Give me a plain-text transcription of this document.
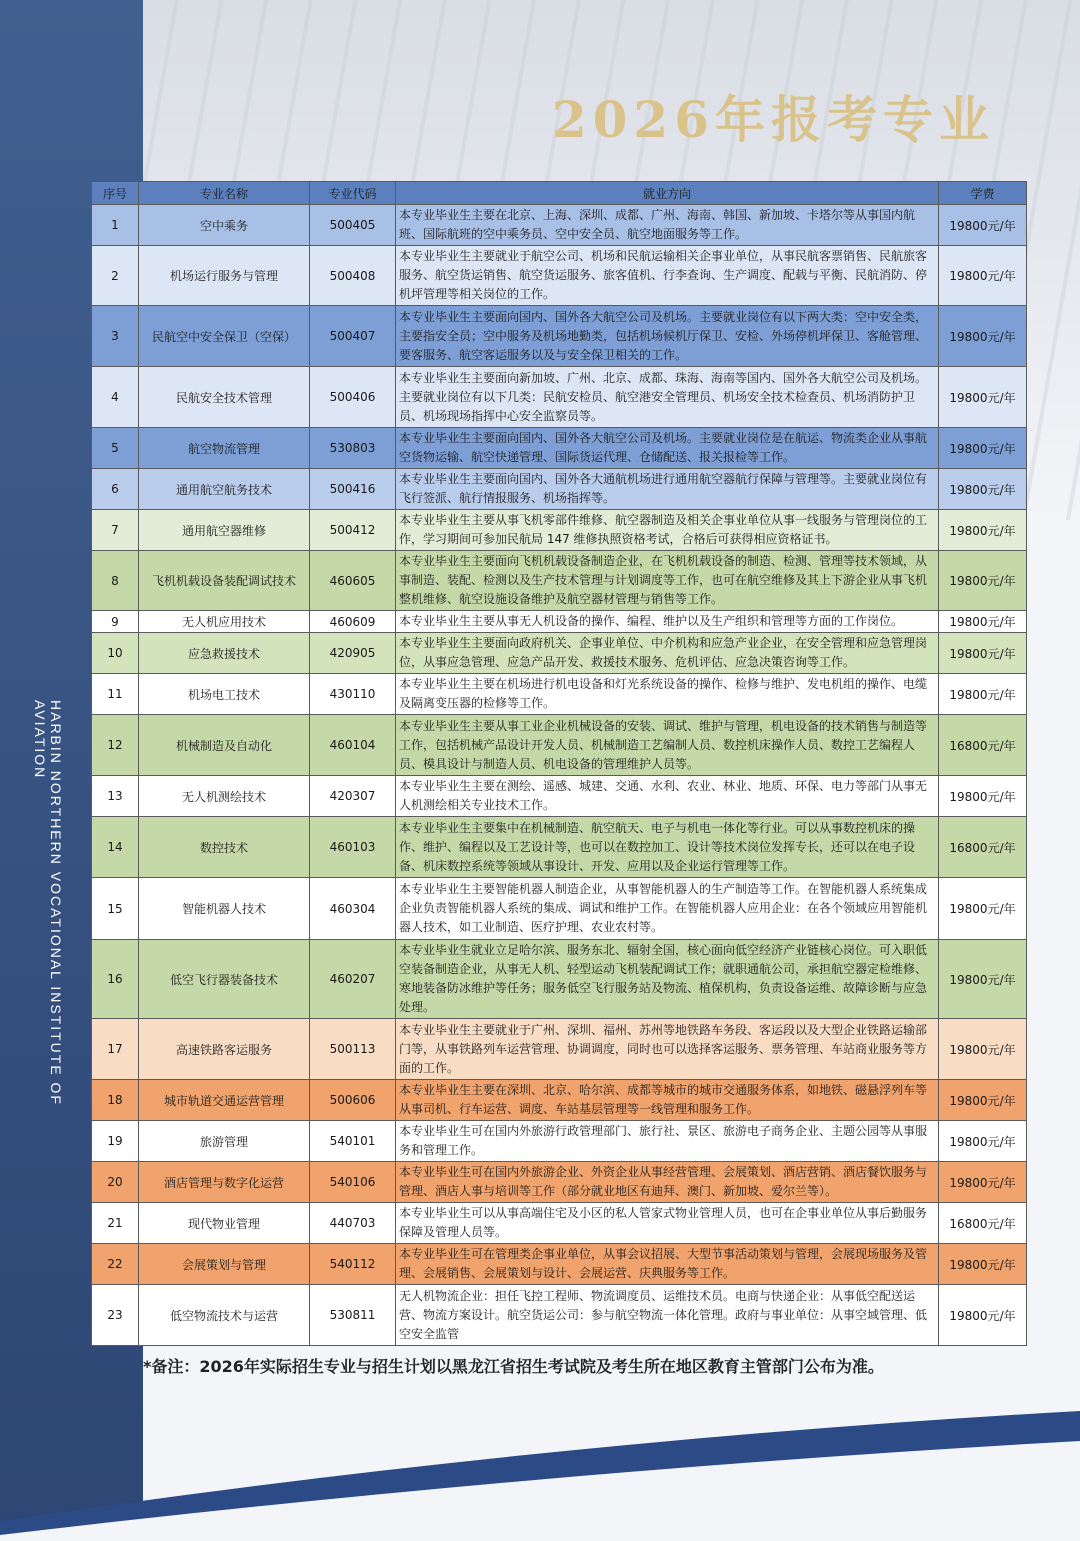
HARBIN NORTHERN VOCATIONAL INSTITUTE OF AVIATION
2026年报考专业
序号	专业名称	专业代码	就业方向	学费
1	空中乘务	500405	本专业毕业生主要在北京、上海、深圳、成都、广州、海南、韩国、新加坡、卡塔尔等从事国内航班、国际航班的空中乘务员、空中安全员、航空地面服务等工作。	19800元/年
2	机场运行服务与管理	500408	本专业毕业生主要就业于航空公司、机场和民航运输相关企事业单位，从事民航客票销售、民航旅客服务、航空货运销售、航空货运服务、旅客值机、行李查询、生产调度、配载与平衡、民航消防、停机坪管理等相关岗位的工作。	19800元/年
3	民航空中安全保卫（空保）	500407	本专业毕业生主要面向国内、国外各大航空公司及机场。主要就业岗位有以下两大类：空中安全类，主要指安全员；空中服务及机场地勤类，包括机场候机厅保卫、安检、外场停机坪保卫、客舱管理、要客服务、航空客运服务以及与安全保卫相关的工作。	19800元/年
4	民航安全技术管理	500406	本专业毕业生主要面向新加坡、广州、北京、成都、珠海、海南等国内、国外各大航空公司及机场。主要就业岗位有以下几类：民航安检员、航空港安全管理员、机场安全技术检查员、机场消防护卫员、机场现场指挥中心安全监察员等。	19800元/年
5	航空物流管理	530803	本专业毕业生主要面向国内、国外各大航空公司及机场。主要就业岗位是在航运、物流类企业从事航空货物运输、航空快递管理、国际货运代理、仓储配送、报关报检等工作。	19800元/年
6	通用航空航务技术	500416	本专业毕业生主要面向国内、国外各大通航机场进行通用航空器航行保障与管理等。主要就业岗位有飞行签派、航行情报服务、机场指挥等。	19800元/年
7	通用航空器维修	500412	本专业毕业生主要从事飞机零部件维修、航空器制造及相关企事业单位从事一线服务与管理岗位的工作，学习期间可参加民航局 147 维修执照资格考试，合格后可获得相应资格证书。	19800元/年
8	飞机机载设备装配调试技术	460605	本专业毕业生主要面向飞机机载设备制造企业，在飞机机载设备的制造、检测、管理等技术领域，从事制造、装配、检测以及生产技术管理与计划调度等工作，也可在航空维修及其上下游企业从事飞机整机维修、航空设施设备维护及航空器材管理与销售等工作。	19800元/年
9	无人机应用技术	460609	本专业毕业生主要从事无人机设备的操作、编程、维护以及生产组织和管理等方面的工作岗位。	19800元/年
10	应急救援技术	420905	本专业毕业生主要面向政府机关、企事业单位、中介机构和应急产业企业，在安全管理和应急管理岗位，从事应急管理、应急产品开发、救援技术服务、危机评估、应急决策咨询等工作。	19800元/年
11	机场电工技术	430110	本专业毕业生主要在机场进行机电设备和灯光系统设备的操作、检修与维护、发电机组的操作、电缆及隔离变压器的检修等工作。	19800元/年
12	机械制造及自动化	460104	本专业毕业生主要从事工业企业机械设备的安装、调试、维护与管理，机电设备的技术销售与制造等工作，包括机械产品设计开发人员、机械制造工艺编制人员、数控机床操作人员、数控工艺编程人员、模具设计与制造人员、机电设备的管理维护人员等。	16800元/年
13	无人机测绘技术	420307	本专业毕业生主要在测绘、遥感、城建、交通、水利、农业、林业、地质、环保、电力等部门从事无人机测绘相关专业技术工作。	19800元/年
14	数控技术	460103	本专业毕业生主要集中在机械制造、航空航天、电子与机电一体化等行业。可以从事数控机床的操作、维护、编程以及工艺设计等，也可以在数控加工、设计等技术岗位发挥专长，还可以在电子设备、机床数控系统等领域从事设计、开发、应用以及企业运行管理等工作。	16800元/年
15	智能机器人技术	460304	本专业毕业生主要智能机器人制造企业，从事智能机器人的生产制造等工作。在智能机器人系统集成企业负责智能机器人系统的集成、调试和维护工作。在智能机器人应用企业：在各个领域应用智能机器人技术，如工业制造、医疗护理、农业农村等。	19800元/年
16	低空飞行器装备技术	460207	本专业毕业生就业立足哈尔滨、服务东北、辐射全国，核心面向低空经济产业链核心岗位。可入职低空装备制造企业，从事无人机、轻型运动飞机装配调试工作；就职通航公司，承担航空器定检维修、寒地装备防冰维护等任务；服务低空飞行服务站及物流、植保机构，负责设备运维、故障诊断与应急处理。	19800元/年
17	高速铁路客运服务	500113	本专业毕业生主要就业于广州、深圳、福州、苏州等地铁路车务段、客运段以及大型企业铁路运输部门等，从事铁路列车运营管理、协调调度，同时也可以选择客运服务、票务管理、车站商业服务等方面的工作。	19800元/年
18	城市轨道交通运营管理	500606	本专业毕业生主要在深圳、北京、哈尔滨、成都等城市的城市交通服务体系，如地铁、磁悬浮列车等从事司机、行车运营、调度、车站基层管理等一线管理和服务工作。	19800元/年
19	旅游管理	540101	本专业毕业生可在国内外旅游行政管理部门、旅行社、景区、旅游电子商务企业、主题公园等从事服务和管理工作。	19800元/年
20	酒店管理与数字化运营	540106	本专业毕业生可在国内外旅游企业、外资企业从事经营管理、会展策划、酒店营销、酒店餐饮服务与管理、酒店人事与培训等工作（部分就业地区有迪拜、澳门、新加坡、爱尔兰等）。	19800元/年
21	现代物业管理	440703	本专业毕业生可以从事高端住宅及小区的私人管家式物业管理人员，也可在企事业单位从事后勤服务保障及管理人员等。	16800元/年
22	会展策划与管理	540112	本专业毕业生可在管理类企事业单位，从事会议招展、大型节事活动策划与管理，会展现场服务及管理、会展销售、会展策划与设计、会展运营、庆典服务等工作。	19800元/年
23	低空物流技术与运营	530811	无人机物流企业：担任飞控工程师、物流调度员、运维技术员。电商与快递企业：从事低空配送运营、物流方案设计。航空货运公司：参与航空物流一体化管理。政府与事业单位：从事空域管理、低空安全监管	19800元/年
*备注：2026年实际招生专业与招生计划以黑龙江省招生考试院及考生所在地区教育主管部门公布为准。
